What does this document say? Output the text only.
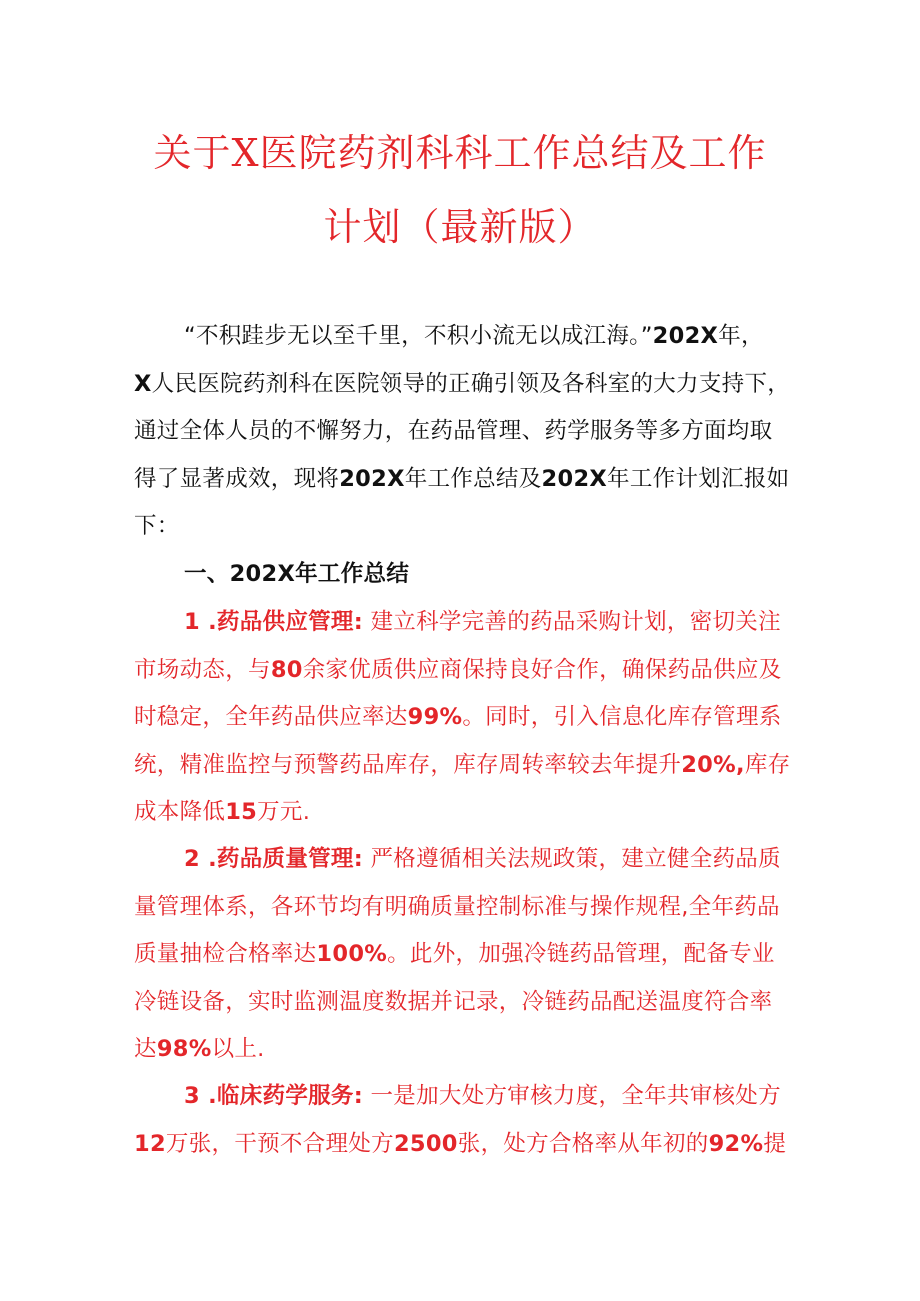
关于X医院药剂科科工作总结及工作
计划（最新版）
“不积跬步无以至千里，不积小流无以成江海。”202X年，
X人民医院药剂科在医院领导的正确引领及各科室的大力支持下，
通过全体人员的不懈努力，在药品管理、药学服务等多方面均取
得了显著成效，现将202X年工作总结及202X年工作计划汇报如
下：
一、202X年工作总结
1 .药品供应管理: 建立科学完善的药品采购计划，密切关注
市场动态，与80余家优质供应商保持良好合作，确保药品供应及
时稳定，全年药品供应率达99%。同时，引入信息化库存管理系
统，精准监控与预警药品库存，库存周转率较去年提升20%,库存
成本降低15万元.
2 .药品质量管理: 严格遵循相关法规政策，建立健全药品质
量管理体系，各环节均有明确质量控制标准与操作规程,全年药品
质量抽检合格率达100%。此外，加强冷链药品管理，配备专业
冷链设备，实时监测温度数据并记录，冷链药品配送温度符合率
达98%以上.
3 .临床药学服务: 一是加大处方审核力度，全年共审核处方
12万张，干预不合理处方2500张，处方合格率从年初的92%提
